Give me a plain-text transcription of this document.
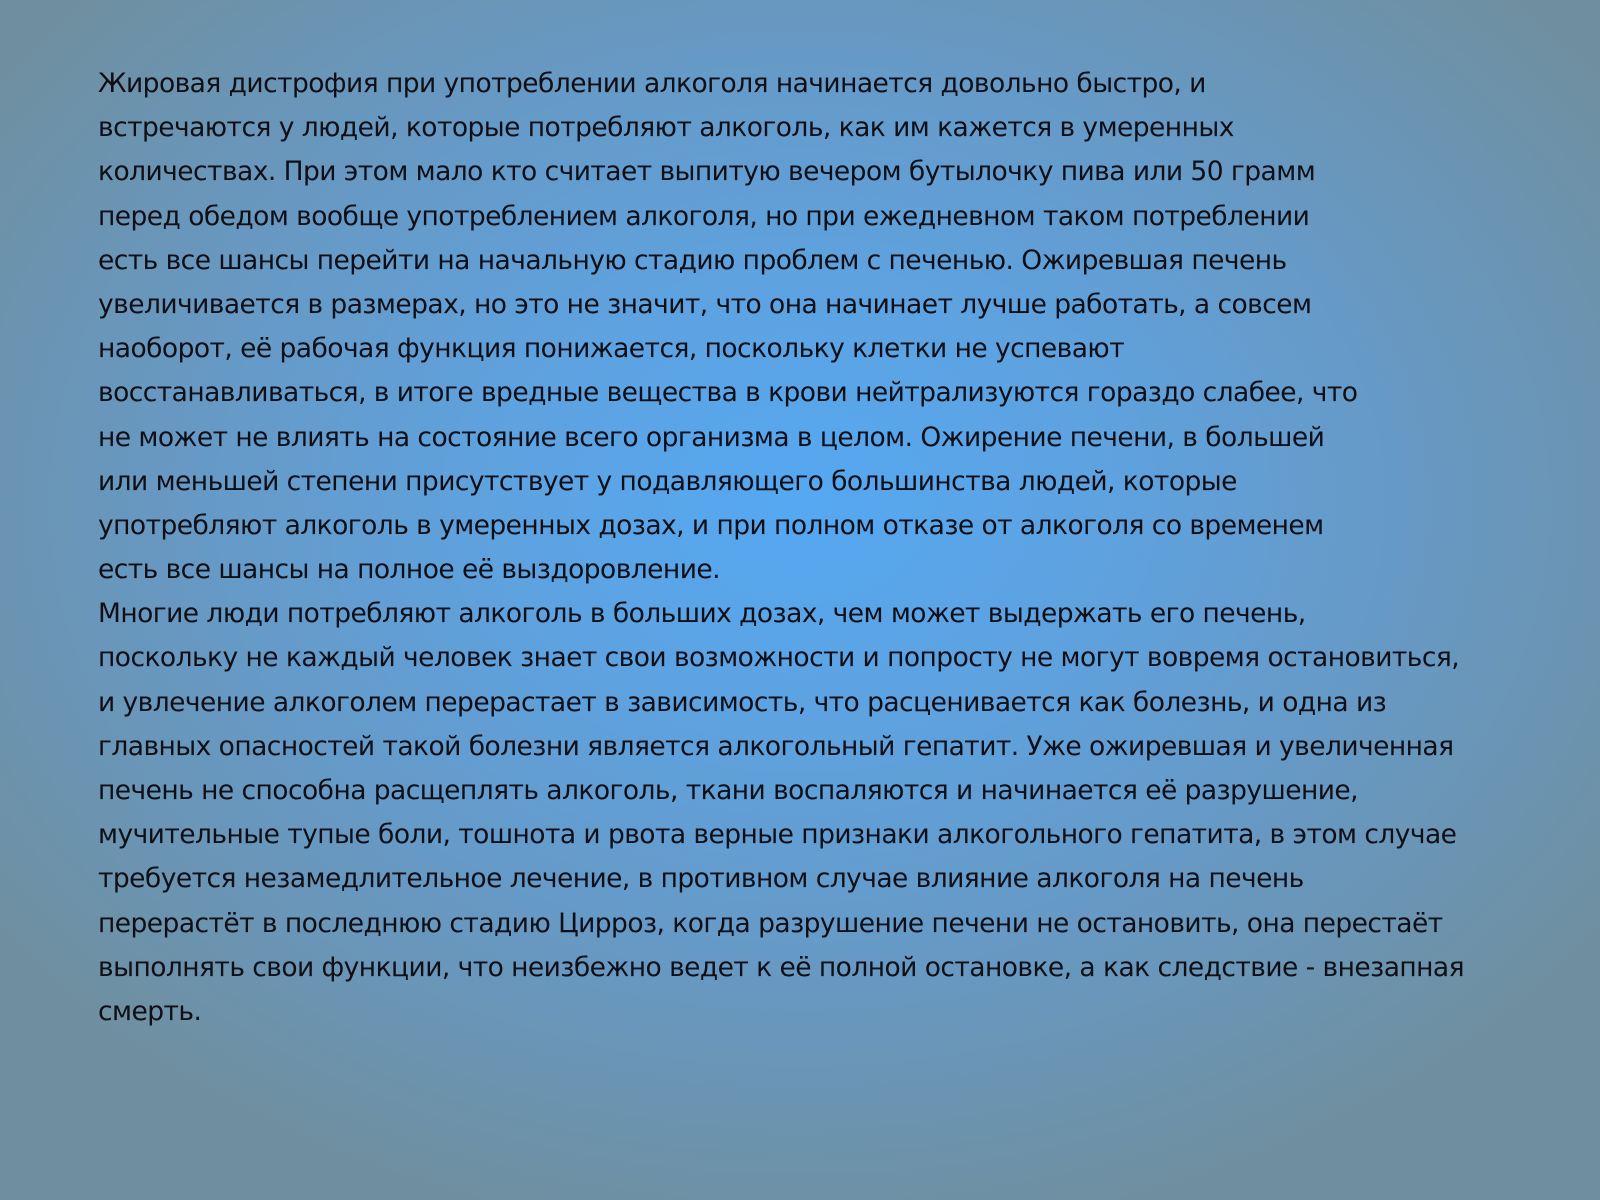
Жировая дистрофия при употреблении алкоголя начинается довольно быстро, и
встречаются у людей, которые потребляют алкоголь, как им кажется в умеренных
количествах. При этом мало кто считает выпитую вечером бутылочку пива или 50 грамм
перед обедом вообще употреблением алкоголя, но при ежедневном таком потреблении
есть все шансы перейти на начальную стадию проблем с печенью. Ожиревшая печень
увеличивается в размерах, но это не значит, что она начинает лучше работать, а совсем
наоборот, её рабочая функция понижается, поскольку клетки не успевают
восстанавливаться, в итоге вредные вещества в крови нейтрализуются гораздо слабее, что
не может не влиять на состояние всего организма в целом. Ожирение печени, в большей
или меньшей степени присутствует у подавляющего большинства людей, которые
употребляют алкоголь в умеренных дозах, и при полном отказе от алкоголя со временем
есть все шансы на полное её выздоровление.
Многие люди потребляют алкоголь в больших дозах, чем может выдержать его печень,
поскольку не каждый человек знает свои возможности и попросту не могут вовремя остановиться,
и увлечение алкоголем перерастает в зависимость, что расценивается как болезнь, и одна из
главных опасностей такой болезни является алкогольный гепатит. Уже ожиревшая и увеличенная
печень не способна расщеплять алкоголь, ткани воспаляются и начинается её разрушение,
мучительные тупые боли, тошнота и рвота верные признаки алкогольного гепатита, в этом случае
требуется незамедлительное лечение, в противном случае влияние алкоголя на печень
перерастёт в последнюю стадию Цирроз, когда разрушение печени не остановить, она перестаёт
выполнять свои функции, что неизбежно ведет к её полной остановке, а как следствие - внезапная
смерть.
